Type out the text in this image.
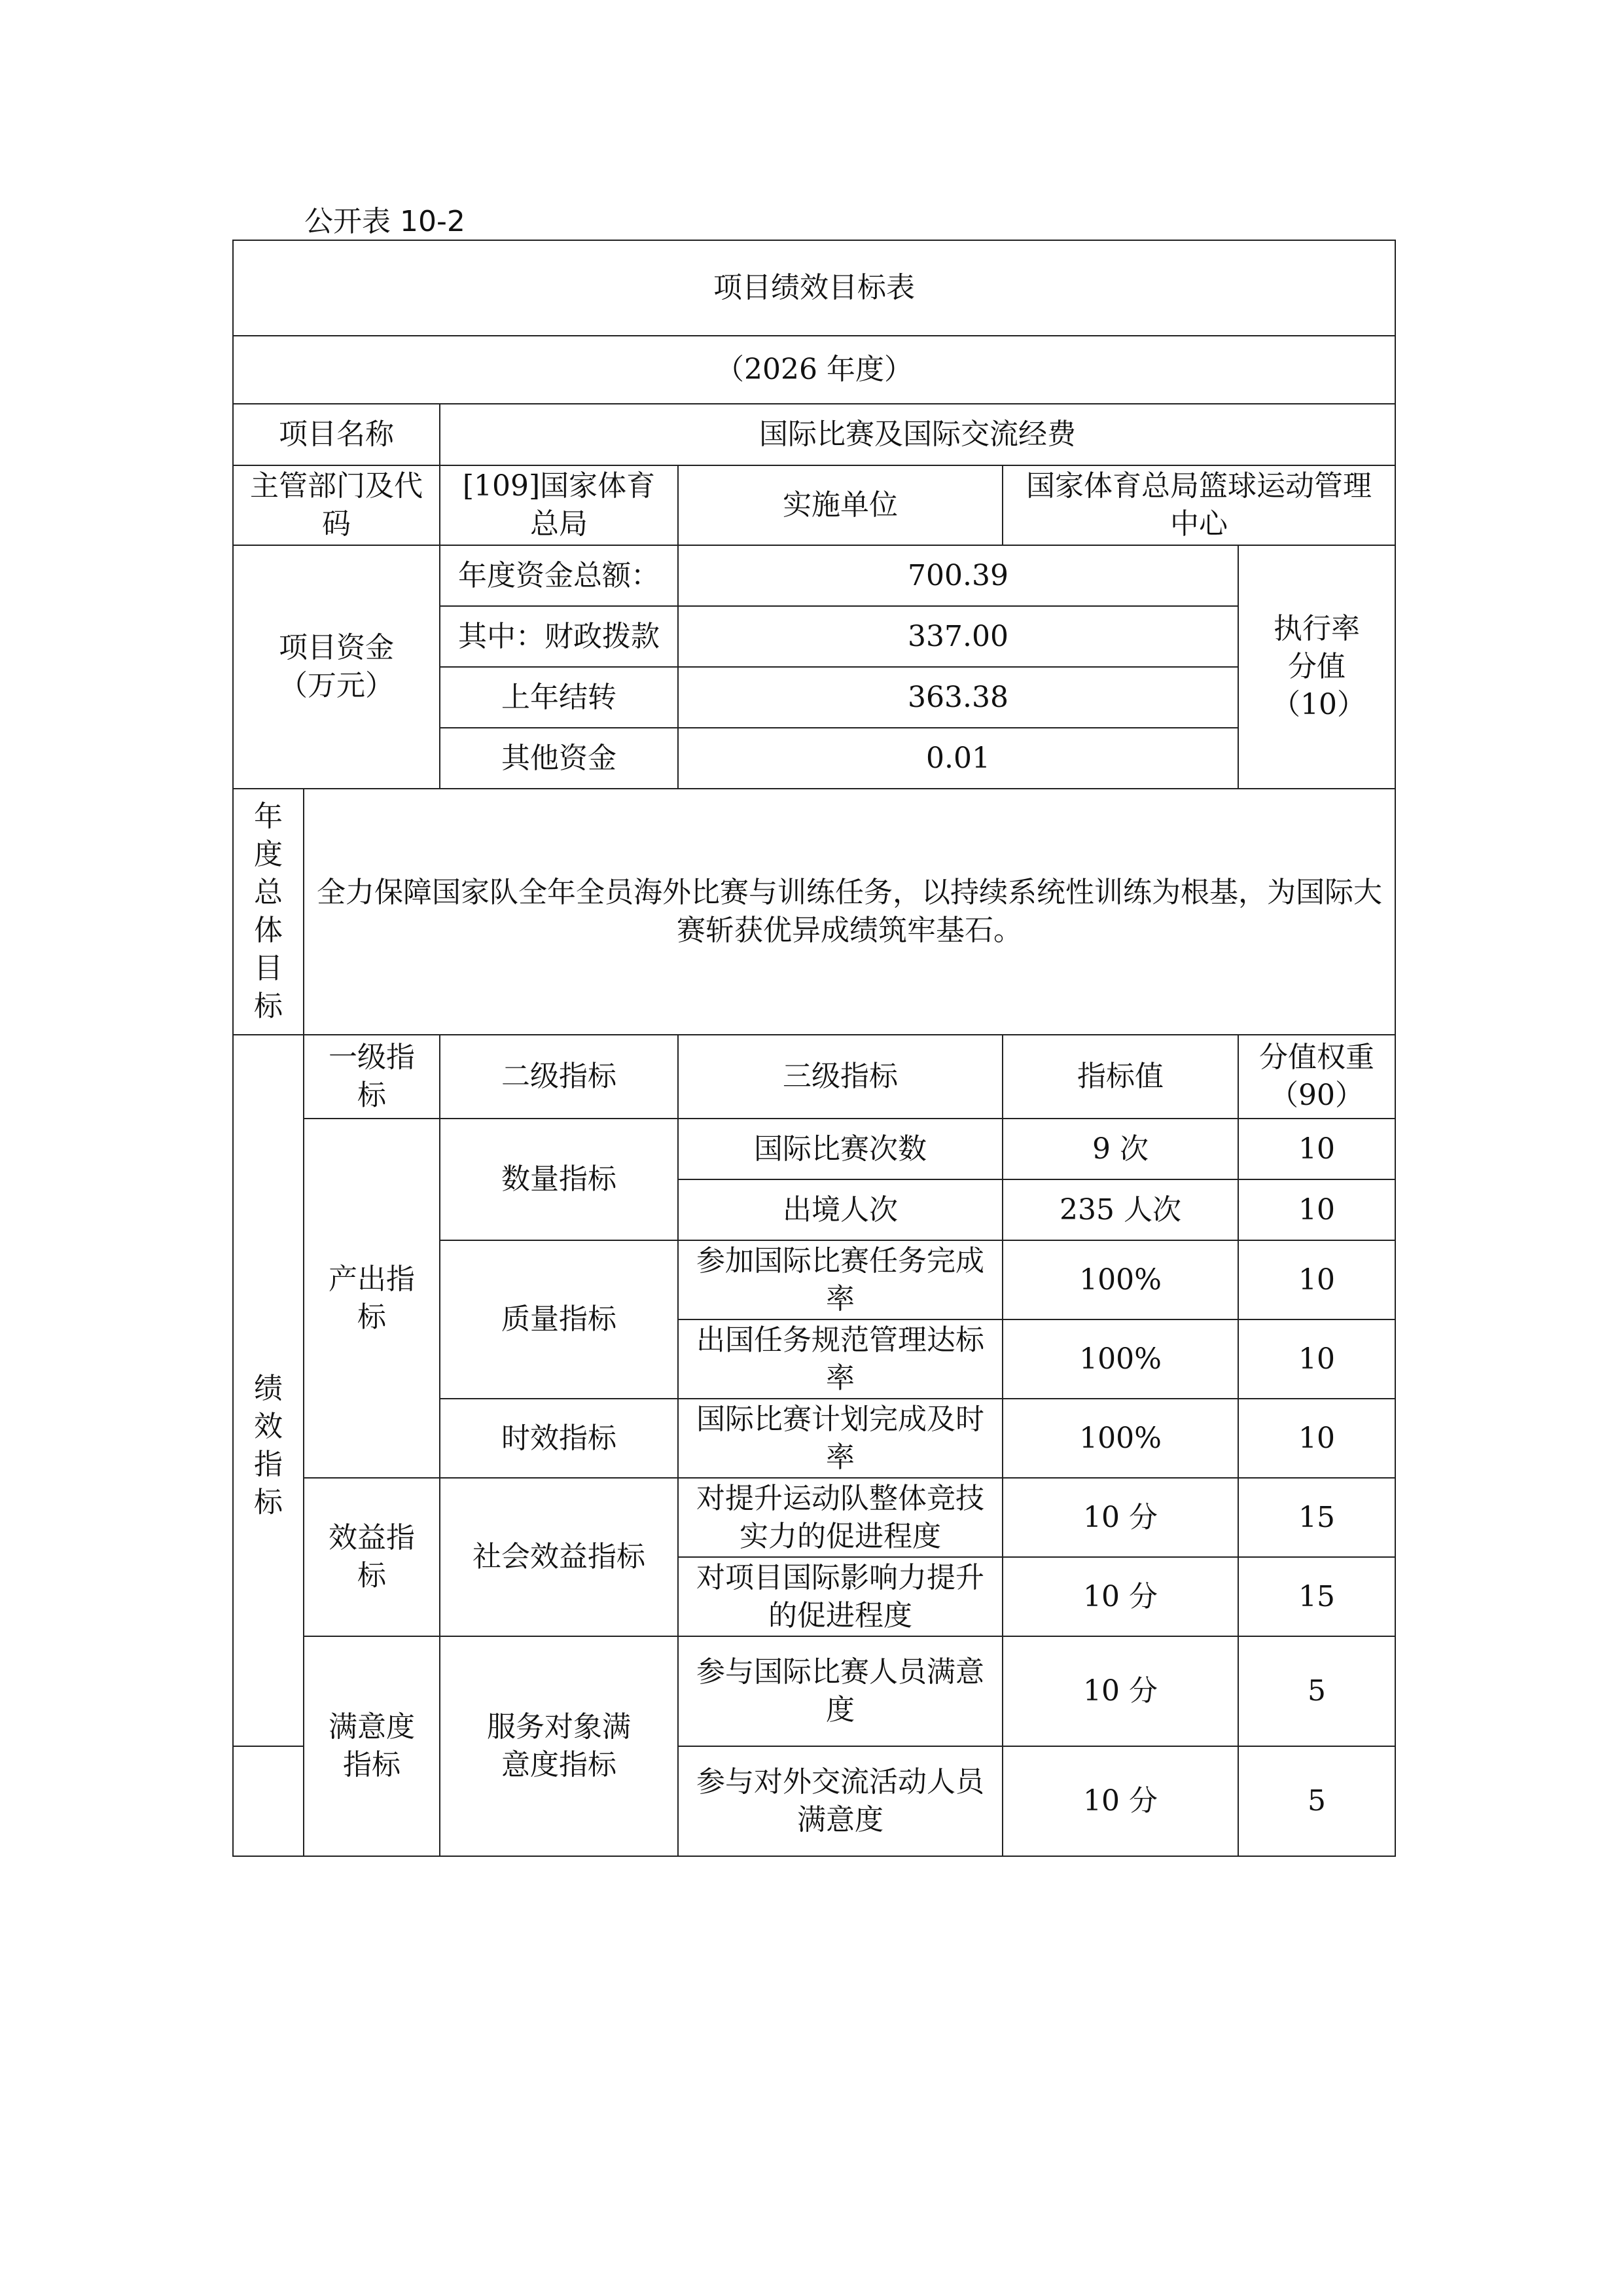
公开表 10-2
项目绩效目标表					
（2026 年度）					
项目名称		国际比赛及国际交流经费			
主管部门及代码		[109]国家体育总局	实施单位	国家体育总局篮球运动管理中心	
项目资金（万元）		年度资金总额：	700.39		执行率分值（10）
		其中：财政拨款	337.00		
		上年结转	363.38		
		其他资金	0.01		
年度总体目标	全力保障国家队全年全员海外比赛与训练任务，以持续系统性训练为根基，为国际大赛斩获优异成绩筑牢基石。				
绩效指标	一级指标	二级指标	三级指标	指标值	分值权重（90）
	产出指标	数量指标	国际比赛次数	9 次	10
			出境人次	235 人次	10
		质量指标	参加国际比赛任务完成率	100%	10
			出国任务规范管理达标率	100%	10
		时效指标	国际比赛计划完成及时率	100%	10
	效益指标	社会效益指标	对提升运动队整体竞技实力的促进程度	10 分	15
			对项目国际影响力提升的促进程度	10 分	15
	满意度指标	服务对象满意度指标	参与国际比赛人员满意度	10 分	5
			参与对外交流活动人员满意度	10 分	5
